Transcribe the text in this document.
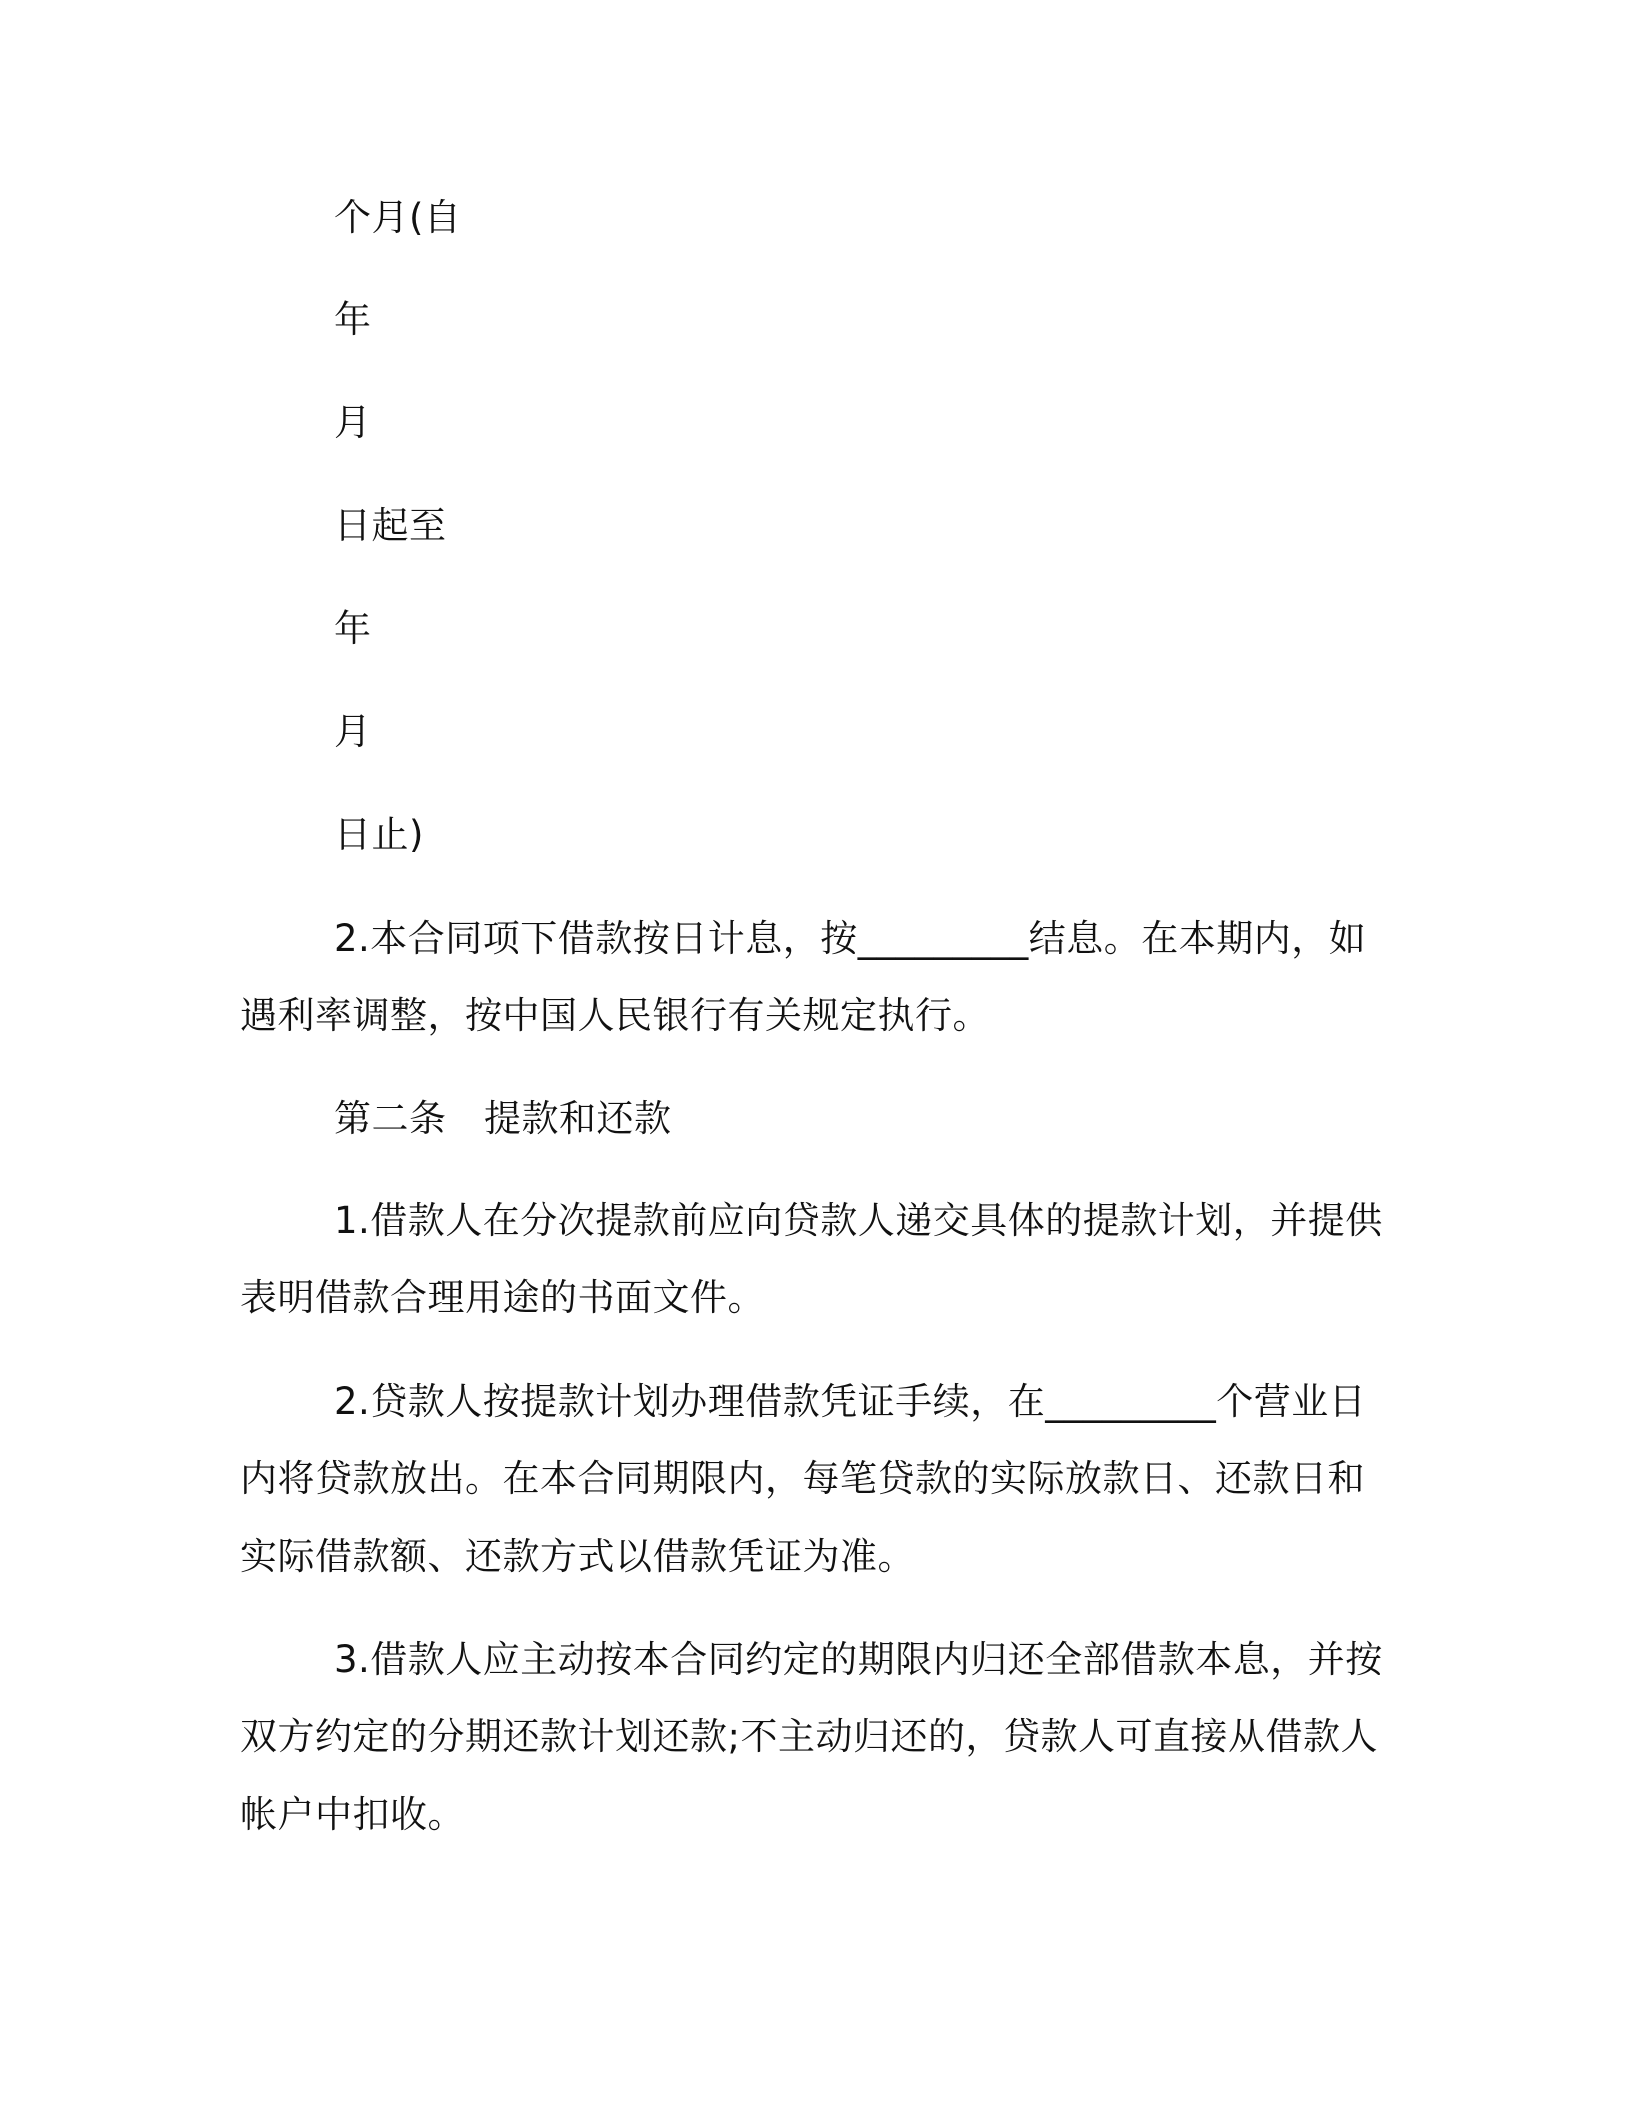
个月(自
年
月
日起至
年
月
日止)
2.本合同项下借款按日计息，按_________结息。在本期内，如
遇利率调整，按中国人民银行有关规定执行。
第二条　提款和还款
1.借款人在分次提款前应向贷款人递交具体的提款计划，并提供
表明借款合理用途的书面文件。
2.贷款人按提款计划办理借款凭证手续，在_________个营业日
内将贷款放出。在本合同期限内，每笔贷款的实际放款日、还款日和
实际借款额、还款方式以借款凭证为准。
3.借款人应主动按本合同约定的期限内归还全部借款本息，并按
双方约定的分期还款计划还款;不主动归还的，贷款人可直接从借款人
帐户中扣收。
